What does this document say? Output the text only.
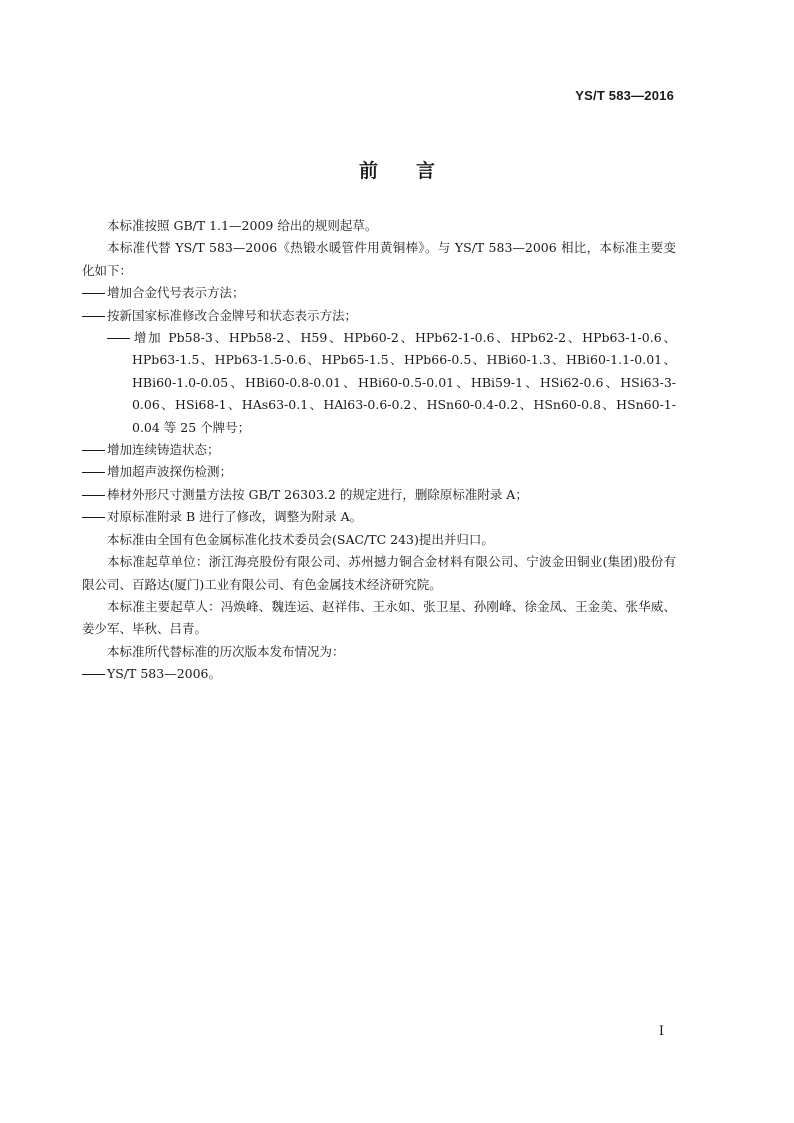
YS/T 583—2016
前言

本标准按照 GB/T 1.1—2009 给出的规则起草。

本标准代替 YS/T 583—2006《热锻水暖管件用黄铜棒》。与 YS/T 583—2006 相比，本标准主要变化如下：

增加合金代号表示方法；

按新国家标准修改合金牌号和状态表示方法；

增加 Pb58-3、HPb58-2、H59、HPb60-2、HPb62-1-0.6、HPb62-2、HPb63-1-0.6、HPb63-1.5、HPb63-1.5-0.6、HPb65-1.5、HPb66-0.5、HBi60-1.3、HBi60-1.1-0.01、HBi60-1.0-0.05、HBi60-0.8-0.01、HBi60-0.5-0.01、HBi59-1、HSi62-0.6、HSi63-3-0.06、HSi68-1、HAs63-0.1、HAl63-0.6-0.2、HSn60-0.4-0.2、HSn60-0.8、HSn60-1-0.04 等 25 个牌号；

增加连续铸造状态；

增加超声波探伤检测；

棒材外形尺寸测量方法按 GB/T 26303.2 的规定进行，删除原标准附录 A；

对原标准附录 B 进行了修改，调整为附录 A。

本标准由全国有色金属标准化技术委员会(SAC/TC 243)提出并归口。

本标准起草单位：浙江海亮股份有限公司、苏州撼力铜合金材料有限公司、宁波金田铜业(集团)股份有限公司、百路达(厦门)工业有限公司、有色金属技术经济研究院。

本标准主要起草人：冯焕峰、魏连运、赵祥伟、王永如、张卫星、孙刚峰、徐金凤、王金美、张华威、姜少军、毕秋、吕青。

本标准所代替标准的历次版本发布情况为：

YS/T 583—2006。

I
